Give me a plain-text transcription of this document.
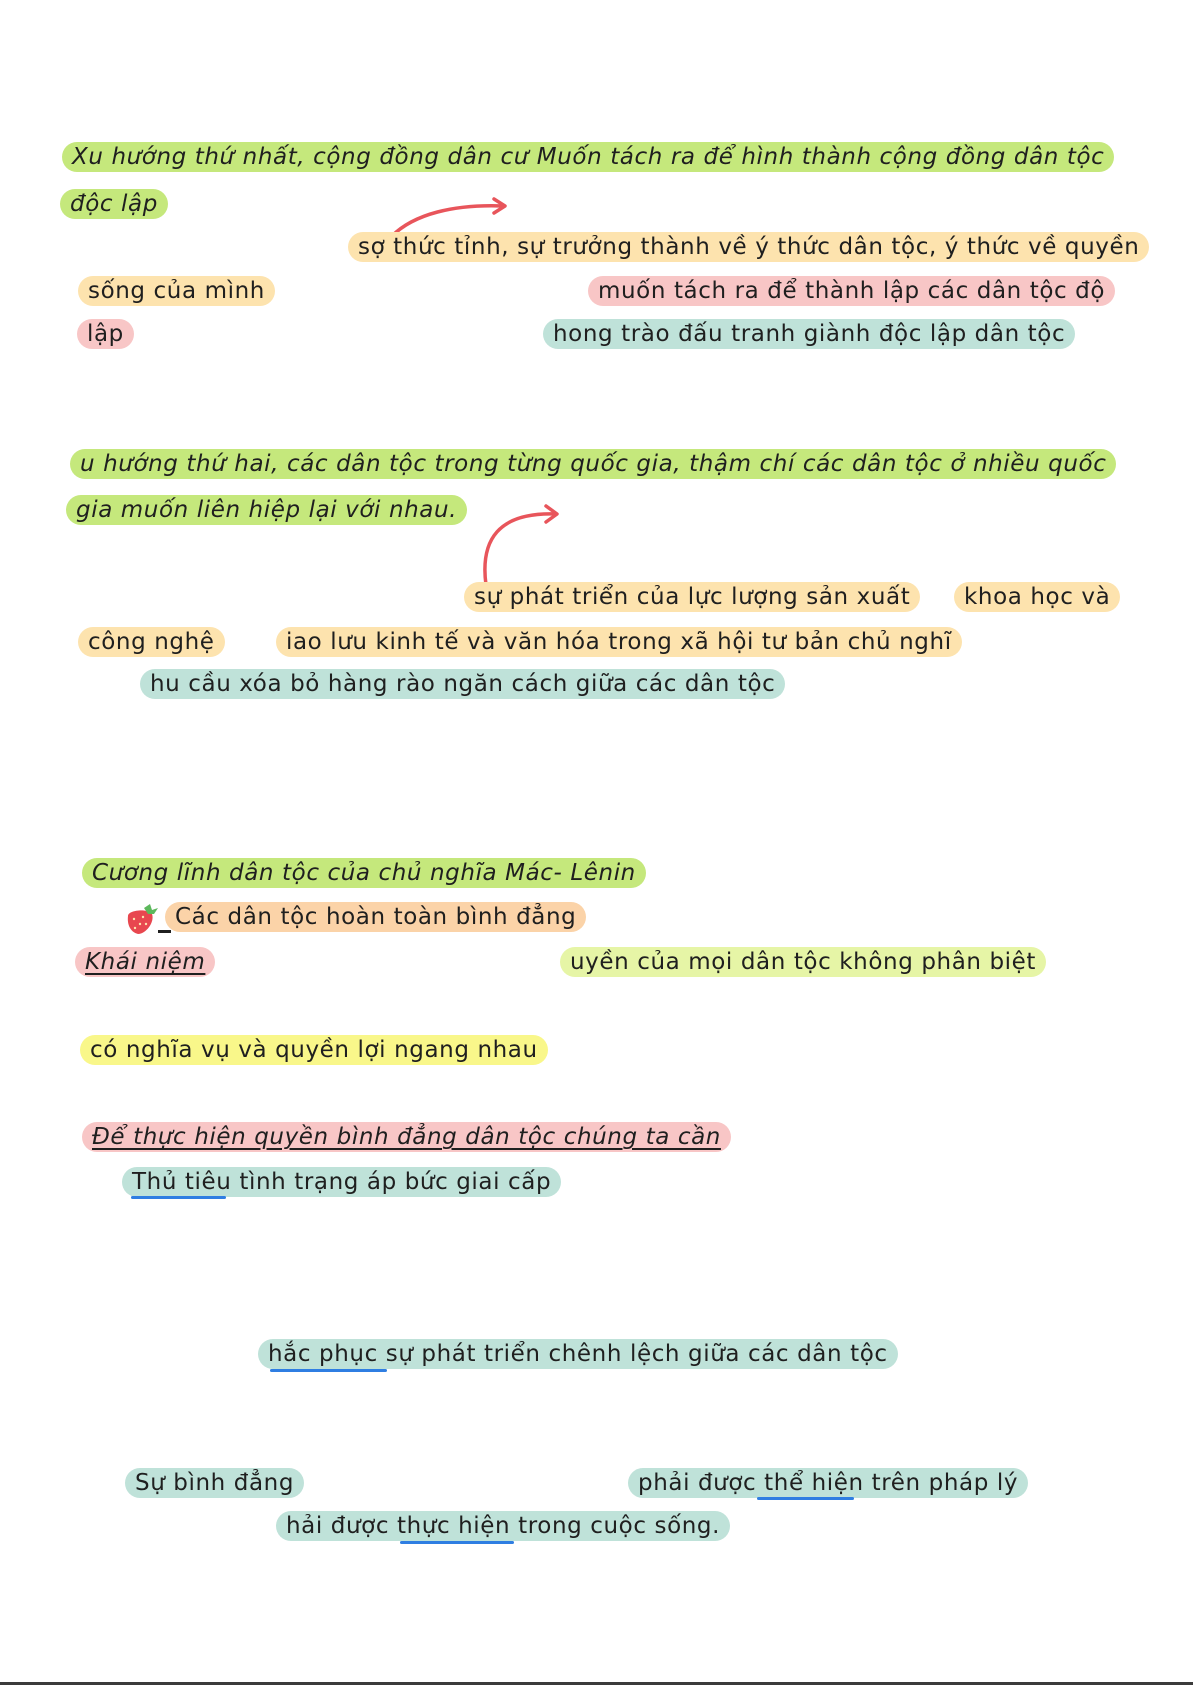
Xu hướng thứ nhất, cộng đồng dân cư Muốn tách ra để hình thành cộng đồng dân tộc
độc lập
sợ thức tỉnh, sự trưởng thành về ý thức dân tộc, ý thức về quyền
sống của mình	muốn tách ra để thành lập các dân tộc độ
lập	hong trào đấu tranh giành độc lập dân tộc
u hướng thứ hai, các dân tộc trong từng quốc gia, thậm chí các dân tộc ở nhiều quốc
gia muốn liên hiệp lại với nhau.
sự phát triển của lực lượng sản xuất	khoa học và
công nghệ	iao lưu kinh tế và văn hóa trong xã hội tư bản chủ nghĩ
hu cầu xóa bỏ hàng rào ngăn cách giữa các dân tộc
Cương lĩnh dân tộc của chủ nghĩa Mác- Lênin
Các dân tộc hoàn toàn bình đẳng
Khái niệm	uyền của mọi dân tộc không phân biệt
có nghĩa vụ và quyền lợi ngang nhau
Để thực hiện quyền bình đẳng dân tộc chúng ta cần
Thủ tiêu tình trạng áp bức giai cấp
hắc phục sự phát triển chênh lệch giữa các dân tộc
Sự bình đẳng	phải được thể hiện trên pháp lý
hải được thực hiện trong cuộc sống.
